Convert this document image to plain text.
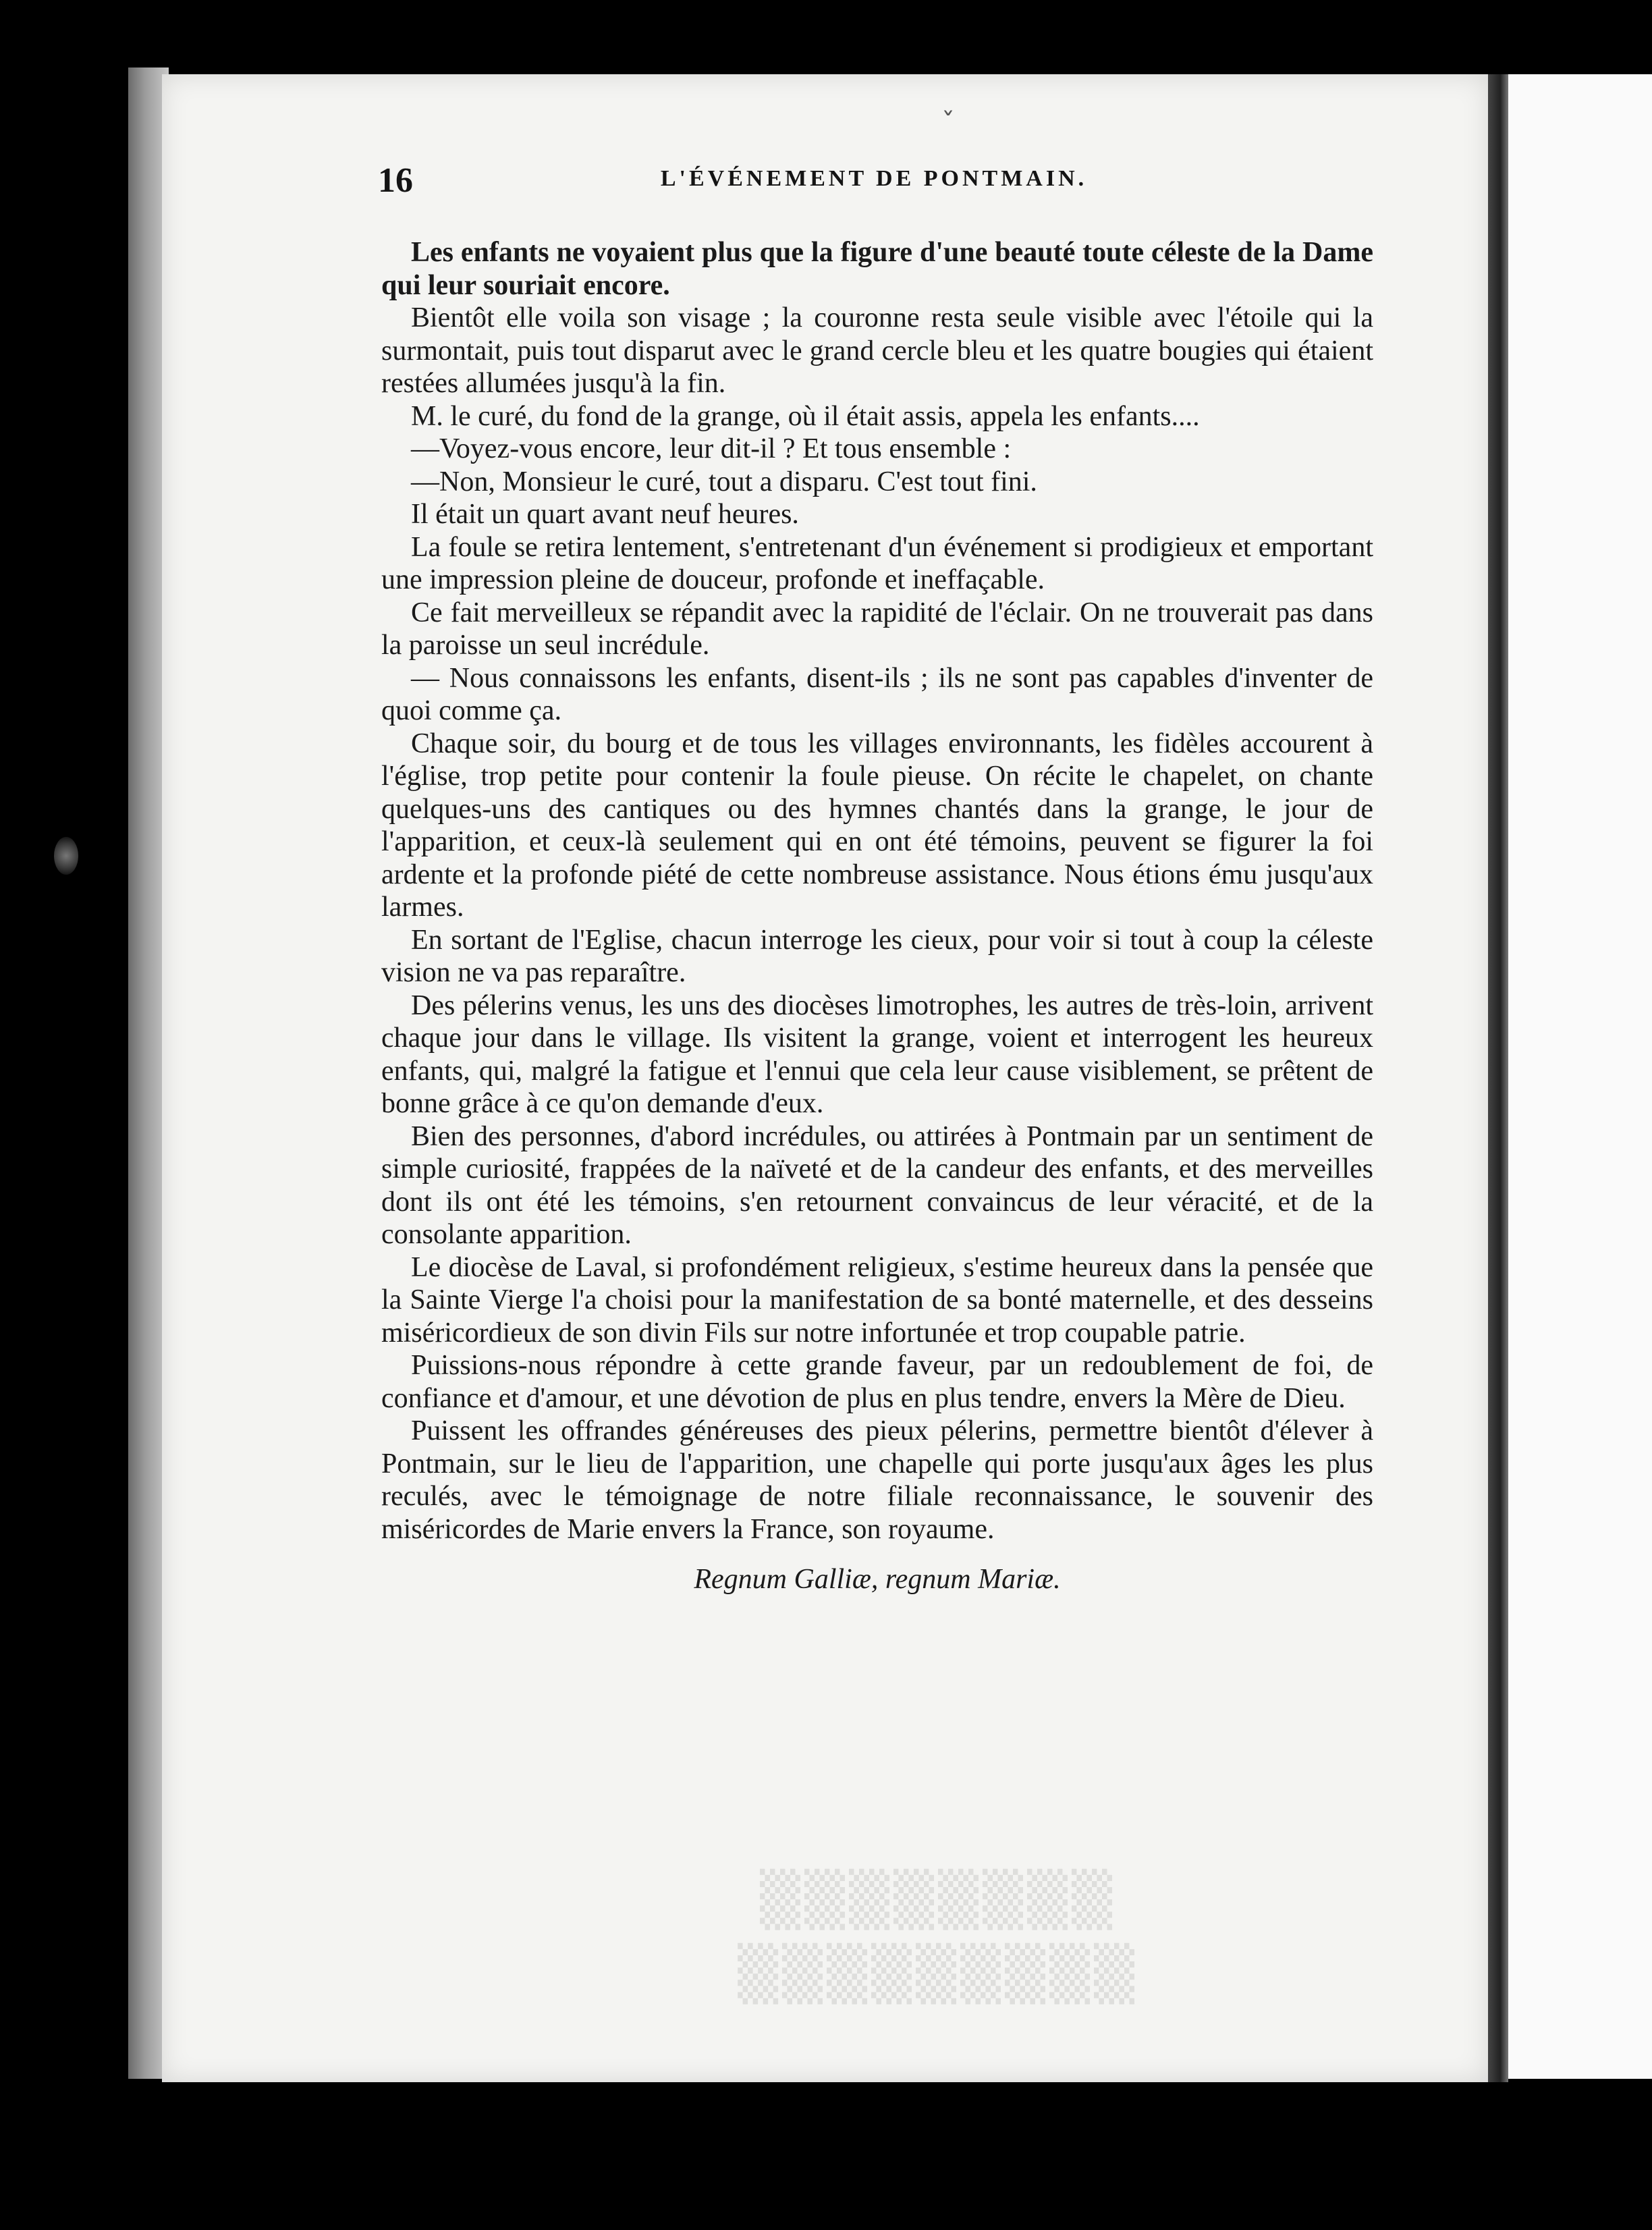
ˇ
16	L'ÉVÉNEMENT DE PONTMAIN.

Les enfants ne voyaient plus que la figure d'une beauté toute céleste de la Dame qui leur souriait encore.

Bientôt elle voila son visage ; la couronne resta seule visible avec l'étoile qui la surmontait, puis tout disparut avec le grand cercle bleu et les quatre bougies qui étaient restées allumées jusqu'à la fin.

M. le curé, du fond de la grange, où il était assis, appela les enfants....

—Voyez-vous encore, leur dit-il ? Et tous ensemble :

—Non, Monsieur le curé, tout a disparu. C'est tout fini.

Il était un quart avant neuf heures.

La foule se retira lentement, s'entretenant d'un événement si prodigieux et emportant une impression pleine de douceur, profonde et ineffaçable.

Ce fait merveilleux se répandit avec la rapidité de l'éclair. On ne trouverait pas dans la paroisse un seul incrédule.

— Nous connaissons les enfants, disent-ils ; ils ne sont pas capables d'inventer de quoi comme ça.

Chaque soir, du bourg et de tous les villages environnants, les fidèles accourent à l'église, trop petite pour contenir la foule pieuse. On récite le chapelet, on chante quelques-uns des cantiques ou des hymnes chantés dans la grange, le jour de l'apparition, et ceux-là seulement qui en ont été témoins, peuvent se figurer la foi ardente et la profonde piété de cette nombreuse assistance. Nous étions ému jusqu'aux larmes.

En sortant de l'Eglise, chacun interroge les cieux, pour voir si tout à coup la céleste vision ne va pas reparaître.

Des pélerins venus, les uns des diocèses limotrophes, les autres de très-loin, arrivent chaque jour dans le village. Ils visitent la grange, voient et interrogent les heureux enfants, qui, malgré la fatigue et l'ennui que cela leur cause visiblement, se prêtent de bonne grâce à ce qu'on demande d'eux.

Bien des personnes, d'abord incrédules, ou attirées à Pontmain par un sentiment de simple curiosité, frappées de la naïveté et de la candeur des enfants, et des merveilles dont ils ont été les témoins, s'en retournent convaincus de leur véracité, et de la consolante apparition.

Le diocèse de Laval, si profondément religieux, s'estime heureux dans la pensée que la Sainte Vierge l'a choisi pour la manifestation de sa bonté maternelle, et des desseins miséricordieux de son divin Fils sur notre infortunée et trop coupable patrie.

Puissions-nous répondre à cette grande faveur, par un redoublement de foi, de confiance et d'amour, et une dévotion de plus en plus tendre, envers la Mère de Dieu.

Puissent les offrandes généreuses des pieux pélerins, permettre bientôt d'élever à Pontmain, sur le lieu de l'apparition, une chapelle qui porte jusqu'aux âges les plus reculés, avec le témoignage de notre filiale reconnaissance, le souvenir des miséricordes de Marie envers la France, son royaume.

Regnum Galliæ, regnum Mariæ.

▒▒▒▒▒▒▒▒
▒▒▒▒▒▒▒▒▒
